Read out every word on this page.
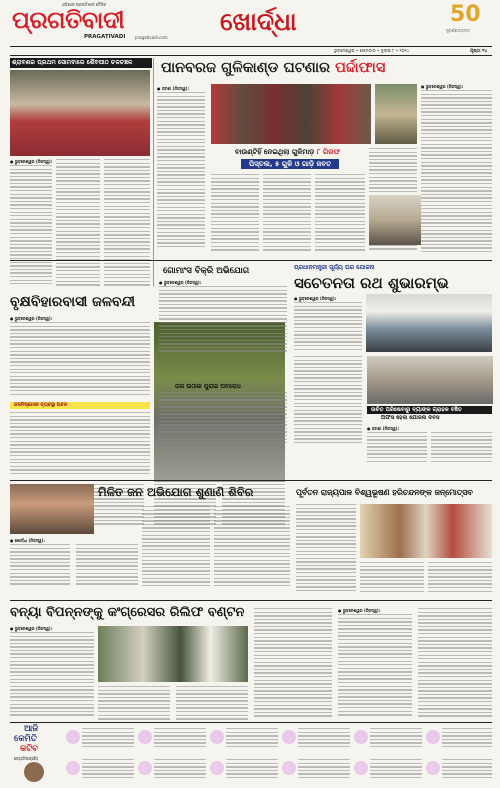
ପ୍ରଗତିବାଦୀ
ଓଡ଼ିଶାର ପ୍ରଗତିଶୀଳ ଦୈନିକ
PRAGATIVADI pragativadi.com
ଖୋର୍ଦ୍ଧା	50
ସୁବର୍ଣ୍ଣଜୟନ୍ତୀ
ଭୁବନେଶ୍ୱର • ସୋମବାର • ଜୁଲାଇ ୮ • ୨୦୨୪	ପୃଷ୍ଠା ୧୪
ଶ୍ରାବଣର ପ୍ରଥମ ସୋମବାରେ ଶୈବପୀଠ ଚଳଚଞ୍ଚଳ
● ଭୁବନେଶ୍ୱର (ନିଜସ୍ୱ):
ପାନବରଜ ଗୁଳିକାଣ୍ଡ ଘଟଣାର ପର୍ଦ୍ଦାଫାସ
● ଜଟଣୀ (ନିଜସ୍ୱ):
ବାଉଣ୍ଟିହିଁ ନେଇଥିଲା ଗୁଳିମାଡ଼ ୮ ଗିରଫ
ପିସ୍ତଲ, ୫ ଗୁଳି ଓ ଗାଡ଼ି ଜବତ
● ଭୁବନେଶ୍ୱର (ନିଜସ୍ୱ):
ବୃକ୍ଷବିହାରବାସୀ ଜଳବନ୍ଦୀ
● ଭୁବନେଶ୍ୱର (ନିଜସ୍ୱ):
ଜଳନିଷ୍କାସନ ବ୍ୟବସ୍ଥା ଅଚଳ
ଗୋମାଂସ ବିକ୍ରି ଅଭିଯୋଗ
● ଭୁବନେଶ୍ୱର (ନିଜସ୍ୱ):
ତାର ଉଠାଇ ପୁରାଇ ଅବରୋଧ
ପ୍ରଧାନମନ୍ତ୍ରୀ ସୂର୍ଯ୍ୟ ଘର ଯୋଜନା
ସଚେତନତା ରଥ ଶୁଭାରମ୍ଭ
● ଭୁବନେଶ୍ୱର (ନିଜସ୍ୱ):
ଉଚିତ ପରିଷେବାରୁ ବ୍ୟାଙ୍କ ଗ୍ରାହକ ବଞ୍ଚିତ
ଅଫସ ହେଲା ଯୋଜନା ଦିବସ
● ଜଟଣୀ (ନିଜସ୍ୱ):
ମିଳିତ ଜନ ଅଭିଯୋଗ ଶୁଣାଣି ଶିବିର
● ଖୋର୍ଦ୍ଧା (ନିଜସ୍ୱ):
ପୂର୍ବତନ ରାଜ୍ୟପାଳ ବିଶ୍ୱଭୂଷଣ ହରିଚନ୍ଦନଙ୍କ ଜନ୍ମୋତ୍ସବ
ବନ୍ୟା ବିପନ୍ନଙ୍କୁ କଂଗ୍ରେସର ରିଲିଫ ବଣ୍ଟନ
● ଭୁବନେଶ୍ୱର (ନିଜସ୍ୱ):
● ଭୁବନେଶ୍ୱର (ନିଜସ୍ୱ):
ଆଜି
କେମିତି
କଟିବ
ଜ୍ୟୋତିଷାଚାର୍ଯ୍ୟ
